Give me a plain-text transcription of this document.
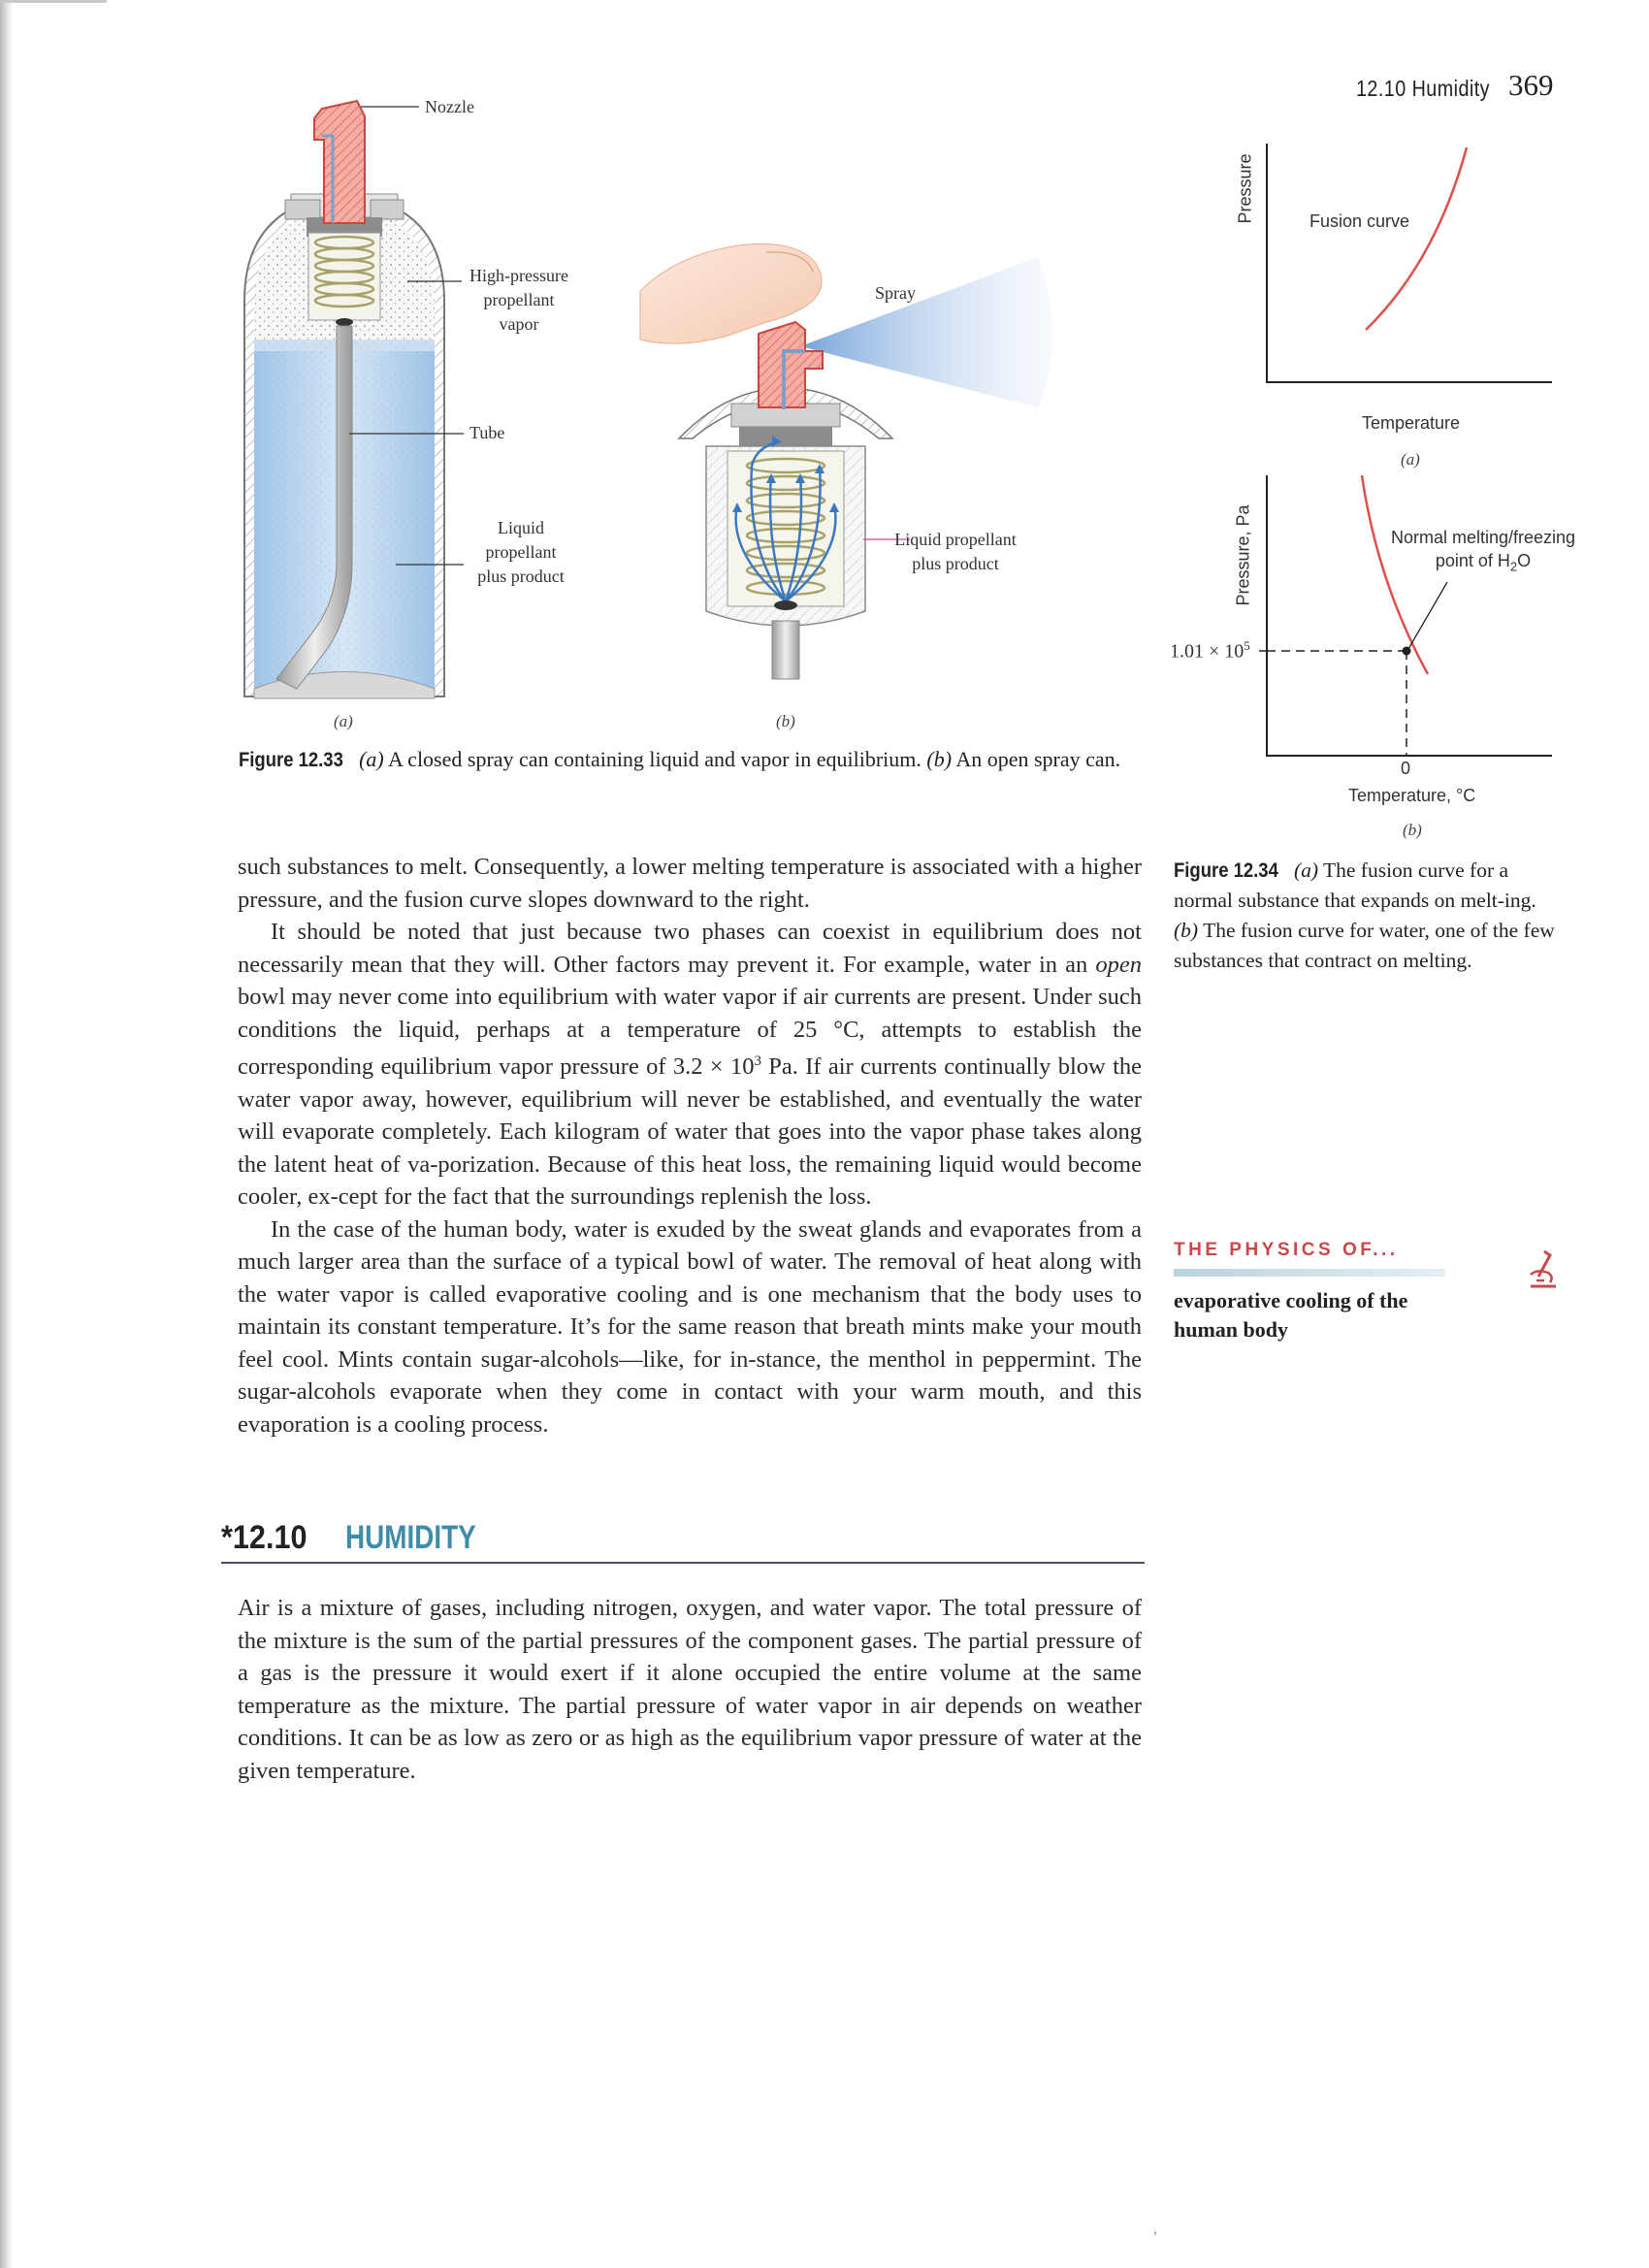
12.10 Humidity 369
Nozzle
High-pressure
propellant
vapor
Tube
Liquid
propellant
plus product
Spray
Liquid propellant
plus product
(a)	(b)
Figure 12.33 (a) A closed spray can containing liquid and vapor in equilibrium. (b) An open spray can.
Pressure	Fusion curve
Temperature
(a)
Pressure, Pa	Normal melting/freezing
point of $H_2O$
$1.01 \times 10^5$
0
Temperature, °C
(b)
Figure 12.34 (a) The fusion curve for a normal substance that expands on melt-ing. (b) The fusion curve for water, one of the few substances that contract on melting.

such substances to melt. Consequently, a lower melting temperature is associated with a higher pressure, and the fusion curve slopes downward to the right.

It should be noted that just because two phases can coexist in equilibrium does not necessarily mean that they will. Other factors may prevent it. For example, water in an open bowl may never come into equilibrium with water vapor if air currents are present. Under such conditions the liquid, perhaps at a temperature of 25 °C, attempts to establish the corresponding equilibrium vapor pressure of $3.2 \times 10^3$ Pa. If air currents continually blow the water vapor away, however, equilibrium will never be established, and eventually the water will evaporate completely. Each kilogram of water that goes into the vapor phase takes along the latent heat of va-porization. Because of this heat loss, the remaining liquid would become cooler, ex-cept for the fact that the surroundings replenish the loss.

In the case of the human body, water is exuded by the sweat glands and evaporates from a much larger area than the surface of a typical bowl of water. The removal of heat along with the water vapor is called evaporative cooling and is one mechanism that the body uses to maintain its constant temperature. It’s for the same reason that breath mints make your mouth feel cool. Mints contain sugar-alcohols—like, for in-stance, the menthol in peppermint. The sugar-alcohols evaporate when they come in contact with your warm mouth, and this evaporation is a cooling process.

THE PHYSICS OF...
evaporative cooling of the human body
*12.10 HUMIDITY

Air is a mixture of gases, including nitrogen, oxygen, and water vapor. The total pressure of the mixture is the sum of the partial pressures of the component gases. The partial pressure of a gas is the pressure it would exert if it alone occupied the entire volume at the same temperature as the mixture. The partial pressure of water vapor in air depends on weather conditions. It can be as low as zero or as high as the equilibrium vapor pressure of water at the given temperature.

ʼ
